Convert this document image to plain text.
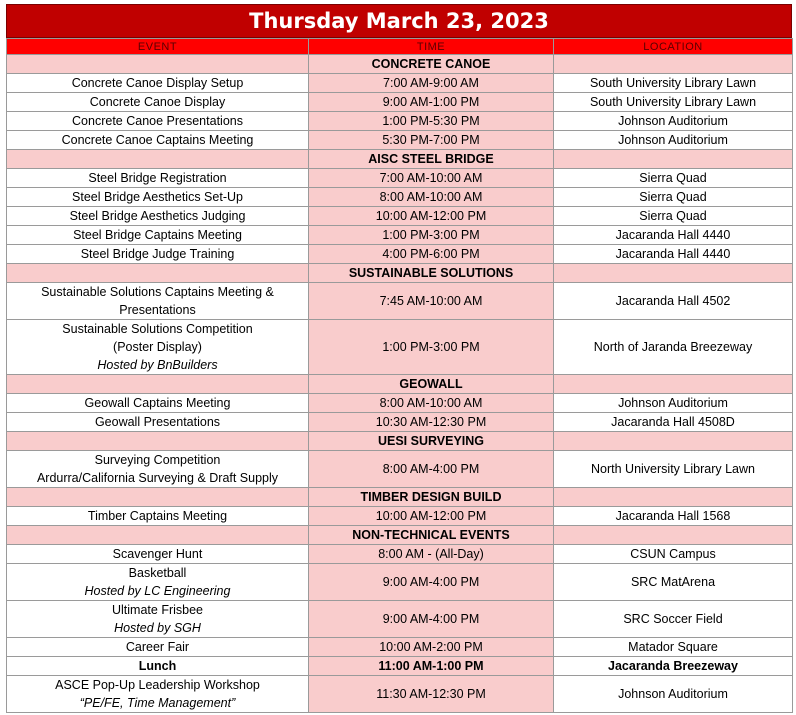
Thursday March 23, 2023
EVENT	TIME	LOCATION
	CONCRETE CANOE	

Concrete Canoe Display Setup	7:00 AM-9:00 AM	South University Library Lawn

Concrete Canoe Display	9:00 AM-1:00 PM	South University Library Lawn

Concrete Canoe Presentations	1:00 PM-5:30 PM	Johnson Auditorium

Concrete Canoe Captains Meeting	5:30 PM-7:00 PM	Johnson Auditorium
	AISC STEEL BRIDGE	

Steel Bridge Registration	7:00 AM-10:00 AM	Sierra Quad

Steel Bridge Aesthetics Set-Up	8:00 AM-10:00 AM	Sierra Quad

Steel Bridge Aesthetics Judging	10:00 AM-12:00 PM	Sierra Quad

Steel Bridge Captains Meeting	1:00 PM-3:00 PM	Jacaranda Hall 4440

Steel Bridge Judge Training	4:00 PM-6:00 PM	Jacaranda Hall 4440
	SUSTAINABLE SOLUTIONS	

Sustainable Solutions Captains Meeting &
Presentations	7:45 AM-10:00 AM	Jacaranda Hall 4502

Sustainable Solutions Competition
(Poster Display)
Hosted by BnBuilders	1:00 PM-3:00 PM	North of Jaranda Breezeway
	GEOWALL	

Geowall Captains Meeting	8:00 AM-10:00 AM	Johnson Auditorium

Geowall Presentations	10:30 AM-12:30 PM	Jacaranda Hall 4508D
	UESI SURVEYING	

Surveying Competition
Ardurra/California Surveying & Draft Supply	8:00 AM-4:00 PM	North University Library Lawn
	TIMBER DESIGN BUILD	

Timber Captains Meeting	10:00 AM-12:00 PM	Jacaranda Hall 1568
	NON-TECHNICAL EVENTS	

Scavenger Hunt	8:00 AM - (All-Day)	CSUN Campus

Basketball
Hosted by LC Engineering	9:00 AM-4:00 PM	SRC MatArena

Ultimate Frisbee
Hosted by SGH	9:00 AM-4:00 PM	SRC Soccer Field

Career Fair	10:00 AM-2:00 PM	Matador Square

Lunch	11:00 AM-1:00 PM	Jacaranda Breezeway

ASCE Pop-Up Leadership Workshop
“PE/FE, Time Management”	11:30 AM-12:30 PM	Johnson Auditorium
